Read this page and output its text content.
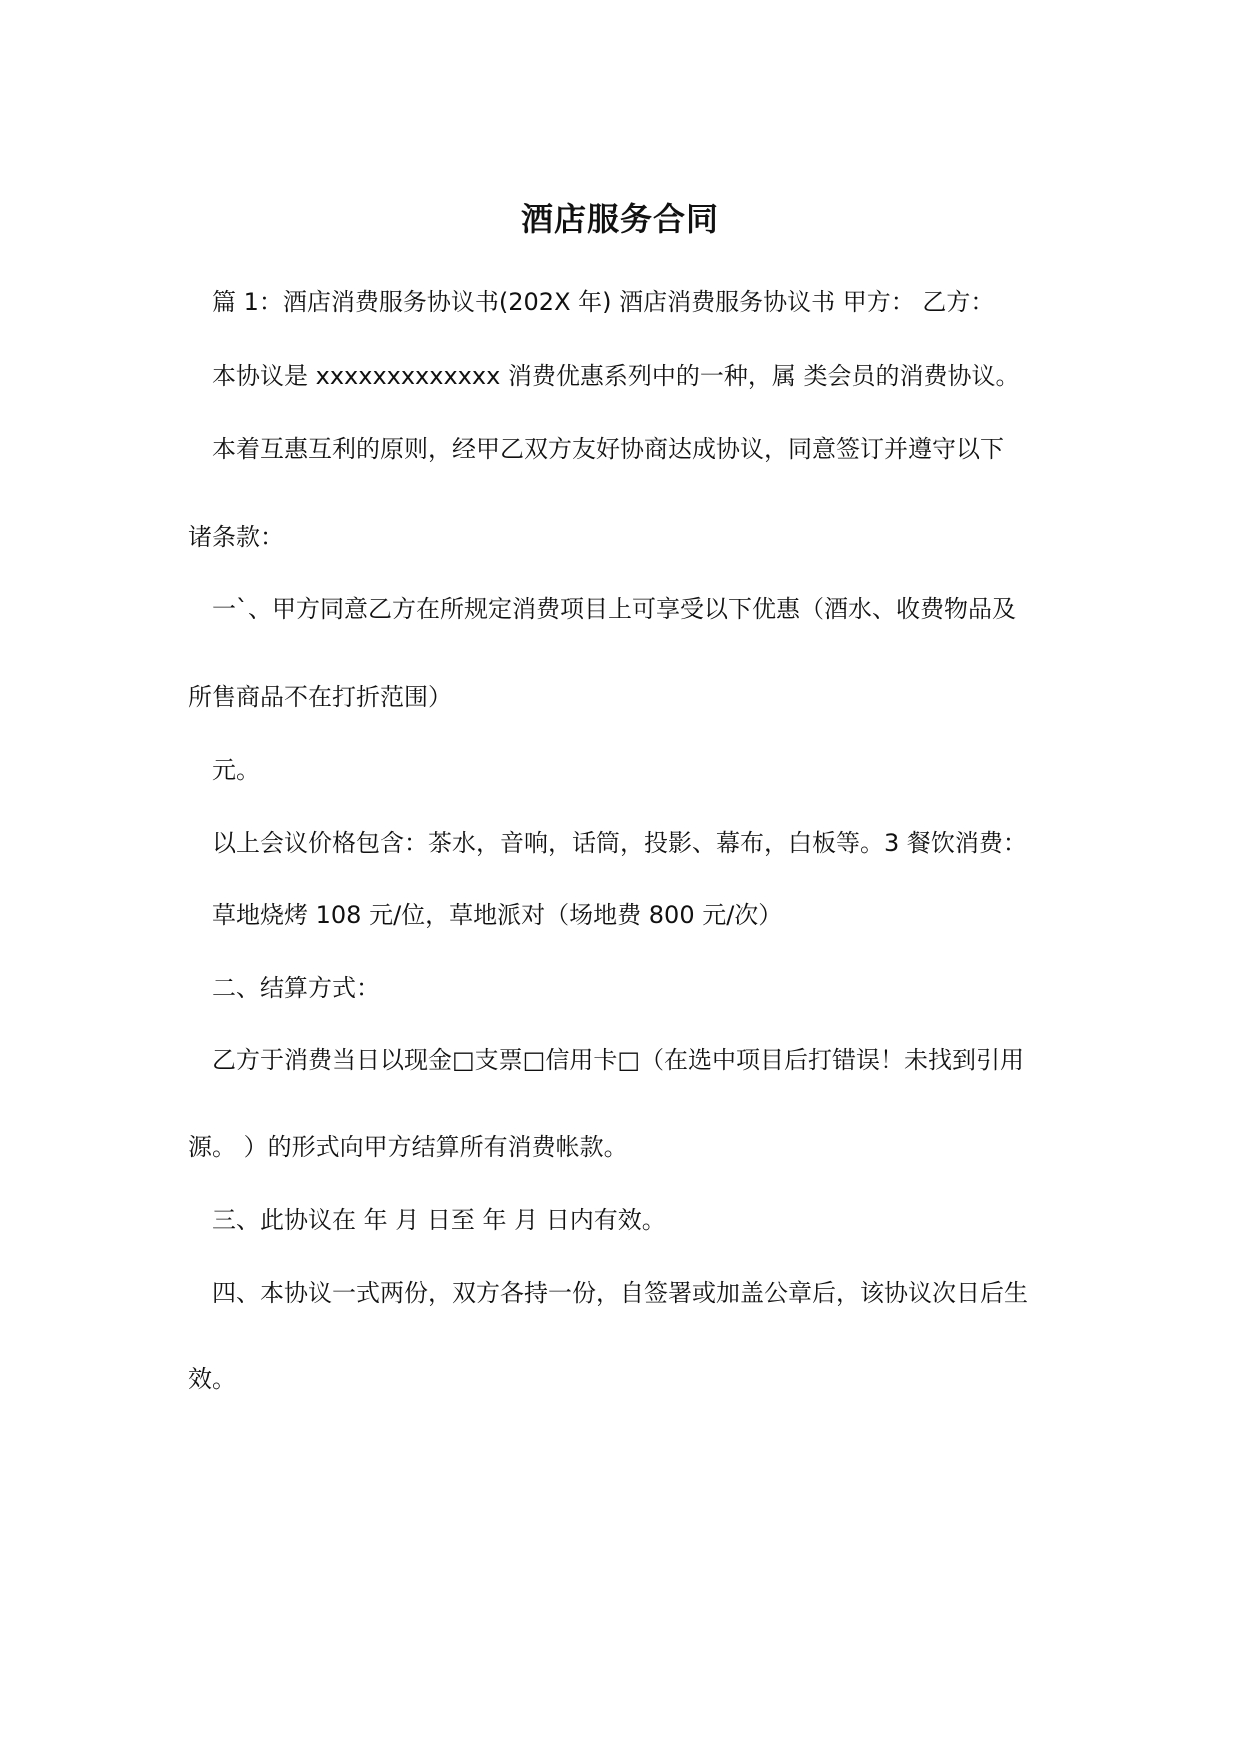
酒店服务合同

篇 1：酒店消费服务协议书(202X 年) 酒店消费服务协议书 甲方： 乙方：

本协议是 xxxxxxxxxxxxx 消费优惠系列中的一种，属 类会员的消费协议。

本着互惠互利的原则，经甲乙双方友好协商达成协议，同意签订并遵守以下

诸条款：

一`、甲方同意乙方在所规定消费项目上可享受以下优惠（酒水、收费物品及

所售商品不在打折范围）

元。

以上会议价格包含：茶水，音响，话筒，投影、幕布，白板等。3 餐饮消费：

草地烧烤 108 元/位，草地派对（场地费 800 元/次）

二、结算方式：

乙方于消费当日以现金□支票□信用卡□（在选中项目后打错误！未找到引用

源。 ）的形式向甲方结算所有消费帐款。

三、此协议在 年 月 日至 年 月 日内有效。

四、本协议一式两份，双方各持一份，自签署或加盖公章后，该协议次日后生

效。
